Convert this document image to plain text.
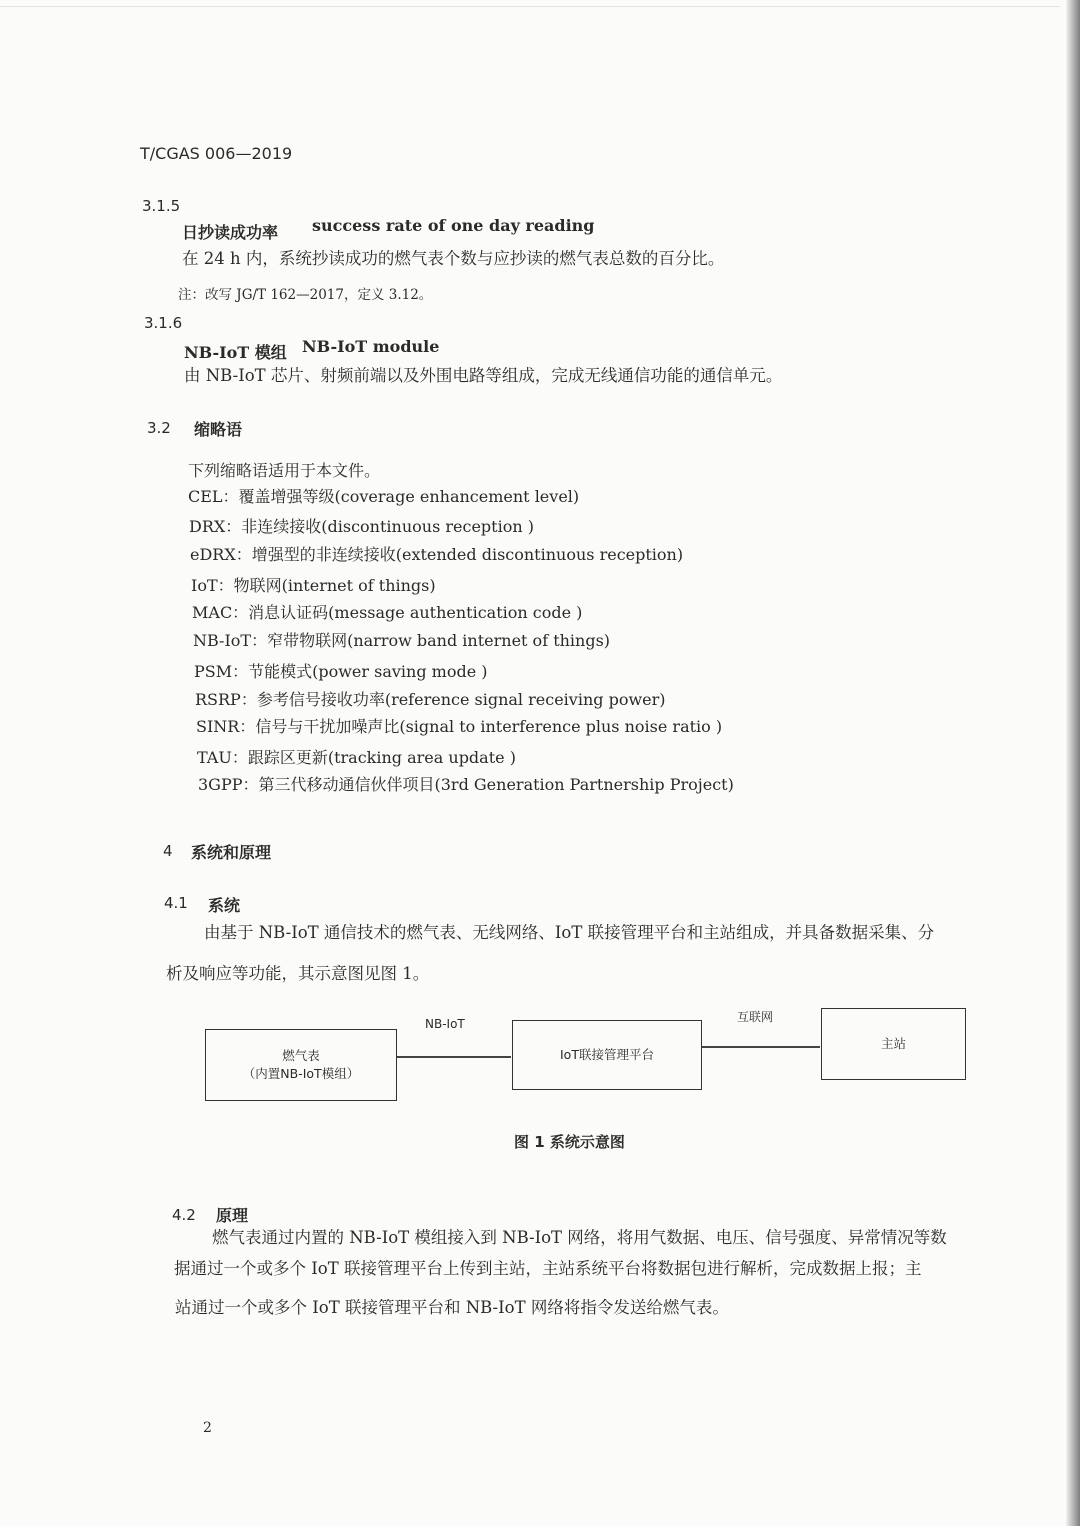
T/CGAS 006—2019
3.1.5
日抄读成功率 success rate of one day reading
在 24 h 内，系统抄读成功的燃气表个数与应抄读的燃气表总数的百分比。
注：改写 JG/T 162—2017，定义 3.12。
3.1.6
NB-IoT 模组 NB-IoT module
由 NB-IoT 芯片、射频前端以及外围电路等组成，完成无线通信功能的通信单元。
3.2 缩略语
下列缩略语适用于本文件。
CEL：覆盖增强等级(coverage enhancement level)
DRX：非连续接收(discontinuous reception )
eDRX：增强型的非连续接收(extended discontinuous reception)
IoT：物联网(internet of things)
MAC：消息认证码(message authentication code )
NB-IoT：窄带物联网(narrow band internet of things)
PSM：节能模式(power saving mode )
RSRP：参考信号接收功率(reference signal receiving power)
SINR：信号与干扰加噪声比(signal to interference plus noise ratio )
TAU：跟踪区更新(tracking area update )
3GPP：第三代移动通信伙伴项目(3rd Generation Partnership Project)
4 系统和原理
4.1 系统
由基于 NB-IoT 通信技术的燃气表、无线网络、IoT 联接管理平台和主站组成，并具备数据采集、分
析及响应等功能，其示意图见图 1。
燃气表
（内置NB-IoT模组）
NB-IoT
IoT联接管理平台
互联网
主站
图 1 系统示意图
4.2 原理
燃气表通过内置的 NB-IoT 模组接入到 NB-IoT 网络，将用气数据、电压、信号强度、异常情况等数
据通过一个或多个 IoT 联接管理平台上传到主站，主站系统平台将数据包进行解析，完成数据上报；主
站通过一个或多个 IoT 联接管理平台和 NB-IoT 网络将指令发送给燃气表。
2
